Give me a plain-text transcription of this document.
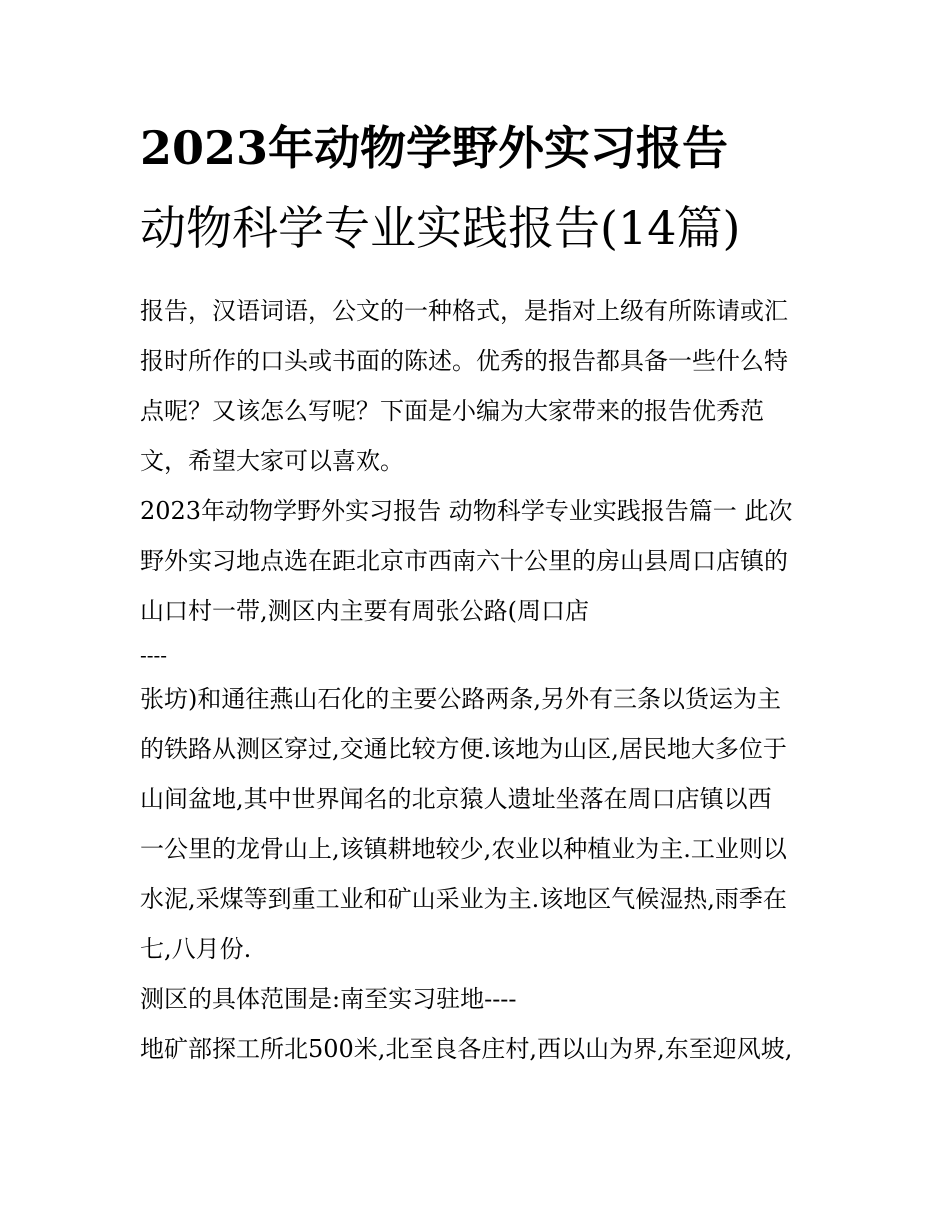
2023年动物学野外实习报告
动物科学专业实践报告(14篇)
报告，汉语词语，公文的一种格式，是指对上级有所陈请或汇
报时所作的口头或书面的陈述。优秀的报告都具备一些什么特
点呢？又该怎么写呢？下面是小编为大家带来的报告优秀范
文，希望大家可以喜欢。
2023年动物学野外实习报告 动物科学专业实践报告篇一 此次
野外实习地点选在距北京市西南六十公里的房山县周口店镇的
山口村一带,测区内主要有周张公路(周口店
----
张坊)和通往燕山石化的主要公路两条,另外有三条以货运为主
的铁路从测区穿过,交通比较方便.该地为山区,居民地大多位于
山间盆地,其中世界闻名的北京猿人遗址坐落在周口店镇以西
一公里的龙骨山上,该镇耕地较少,农业以种植业为主.工业则以
水泥,采煤等到重工业和矿山采业为主.该地区气候湿热,雨季在
七,八月份.
测区的具体范围是:南至实习驻地----
地矿部探工所北500米,北至良各庄村,西以山为界,东至迎风坡,
